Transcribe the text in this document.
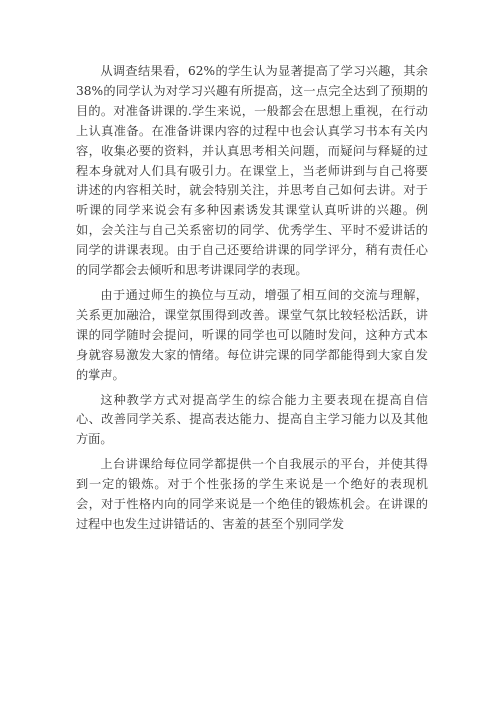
从调查结果看，62%的学生认为显著提高了学习兴趣，其余 38%的同学认为对学习兴趣有所提高，这一点完全达到了预期的目的。对准备讲课的.学生来说，一般都会在思想上重视，在行动上认真准备。在准备讲课内容的过程中也会认真学习书本有关内容，收集必要的资料，并认真思考相关问题，而疑问与释疑的过程本身就对人们具有吸引力。在课堂上，当老师讲到与自己将要讲述的内容相关时，就会特别关注，并思考自己如何去讲。对于听课的同学来说会有多种因素诱发其课堂认真听讲的兴趣。例如，会关注与自己关系密切的同学、优秀学生、平时不爱讲话的同学的讲课表现。由于自己还要给讲课的同学评分，稍有责任心的同学都会去倾听和思考讲课同学的表现。

由于通过师生的换位与互动，增强了相互间的交流与理解，关系更加融洽，课堂氛围得到改善。课堂气氛比较轻松活跃，讲课的同学随时会提问，听课的同学也可以随时发问，这种方式本身就容易激发大家的情绪。每位讲完课的同学都能得到大家自发的掌声。

这种教学方式对提高学生的综合能力主要表现在提高自信心、改善同学关系、提高表达能力、提高自主学习能力以及其他方面。

上台讲课给每位同学都提供一个自我展示的平台，并使其得到一定的锻炼。对于个性张扬的学生来说是一个绝好的表现机会，对于性格内向的同学来说是一个绝佳的锻炼机会。在讲课的过程中也发生过讲错话的、害羞的甚至个别同学发
